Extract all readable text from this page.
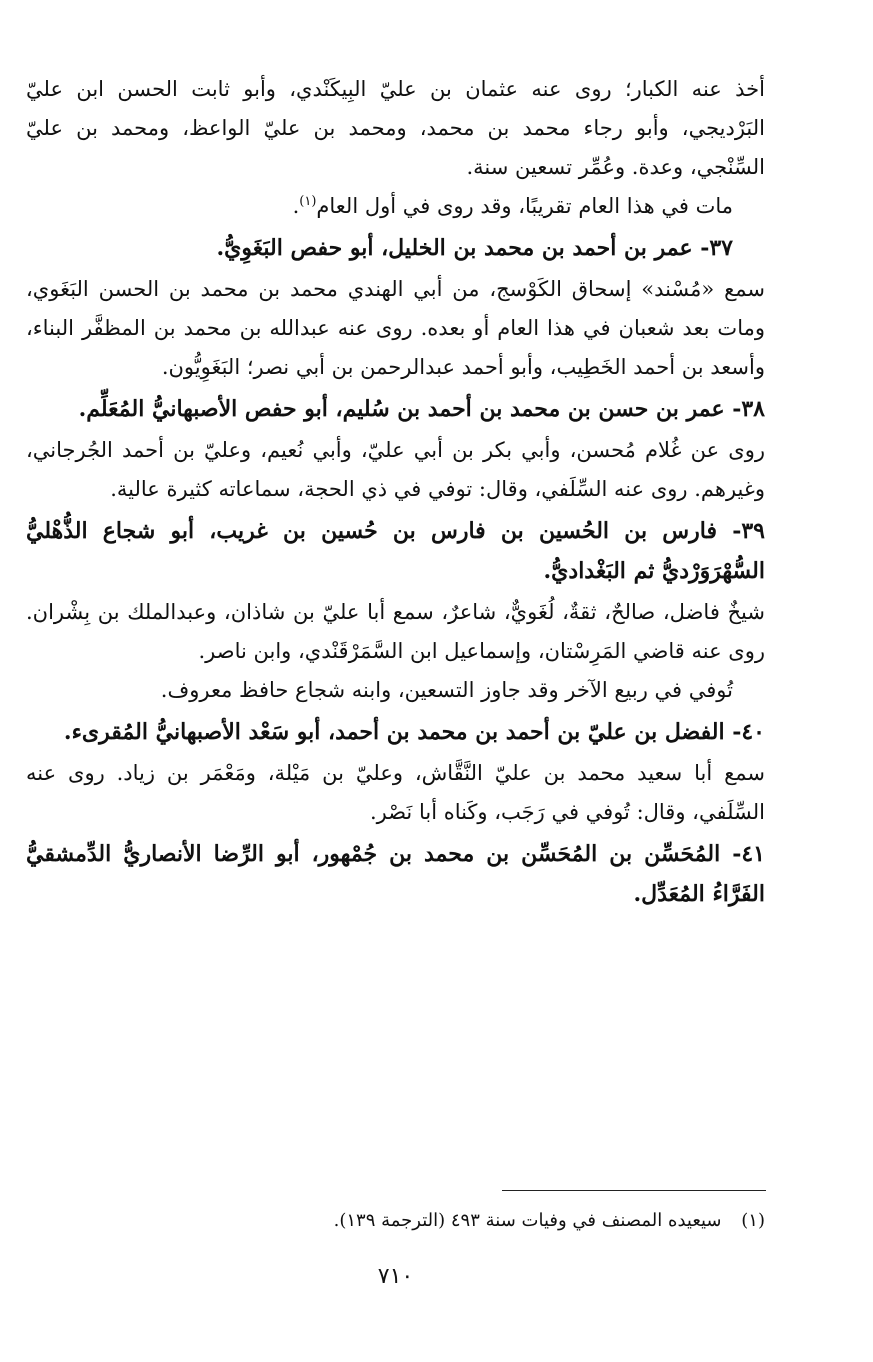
أخذ عنه الكبار؛ روى عنه عثمان بن عليّ البِيكَنْدي، وأبو ثابت الحسن ابن عليّ البَرْديجي، وأبو رجاء محمد بن محمد، ومحمد بن عليّ الواعظ، ومحمد بن عليّ السِّنْجي، وعدة. وعُمِّر تسعين سنة.

مات في هذا العام تقريبًا، وقد روى في أول العام$^{(١)}$.

٣٧- عمر بن أحمد بن محمد بن الخليل، أبو حفص البَغَوِيُّ.

سمع «مُسْند» إسحاق الكَوْسج، من أبي الهندي محمد بن محمد بن الحسن البَغَوي، ومات بعد شعبان في هذا العام أو بعده. روى عنه عبدالله بن محمد بن المظفَّر البناء، وأسعد بن أحمد الخَطِيب، وأبو أحمد عبدالرحمن بن أبي نصر؛ البَغَوِيُّون.

٣٨- عمر بن حسن بن محمد بن أحمد بن سُليم، أبو حفص الأصبهانيُّ المُعَلِّم.

روى عن غُلام مُحسن، وأبي بكر بن أبي عليّ، وأبي نُعيم، وعليّ بن أحمد الجُرجاني، وغيرهم. روى عنه السِّلَفي، وقال: توفي في ذي الحجة، سماعاته كثيرة عالية.

٣٩- فارس بن الحُسين بن فارس بن حُسين بن غريب، أبو شجاع الذُّهْليُّ السُّهْرَوَرْديُّ ثم البَغْداديُّ.

شيخٌ فاضل، صالحٌ، ثقةٌ، لُغَويٌّ، شاعرٌ، سمع أبا عليّ بن شاذان، وعبدالملك بن بِشْران. روى عنه قاضي المَرِسْتان، وإسماعيل ابن السَّمَرْقَنْدي، وابن ناصر.

تُوفي في ربيع الآخر وقد جاوز التسعين، وابنه شجاع حافظ معروف.

٤٠- الفضل بن عليّ بن أحمد بن محمد بن أحمد، أبو سَعْد الأصبهانيُّ المُقرىء.

سمع أبا سعيد محمد بن عليّ النَّقَّاش، وعليّ بن مَيْلة، ومَعْمَر بن زياد. روى عنه السِّلَفي، وقال: تُوفي في رَجَب، وكَناه أبا نَصْر.

٤١- المُحَسِّن بن المُحَسِّن بن محمد بن جُمْهور، أبو الرِّضا الأنصاريُّ الدِّمشقيُّ الفَرَّاءُ المُعَدِّل.

(١) سيعيده المصنف في وفيات سنة ٤٩٣ (الترجمة ١٣٩).
٧١٠
